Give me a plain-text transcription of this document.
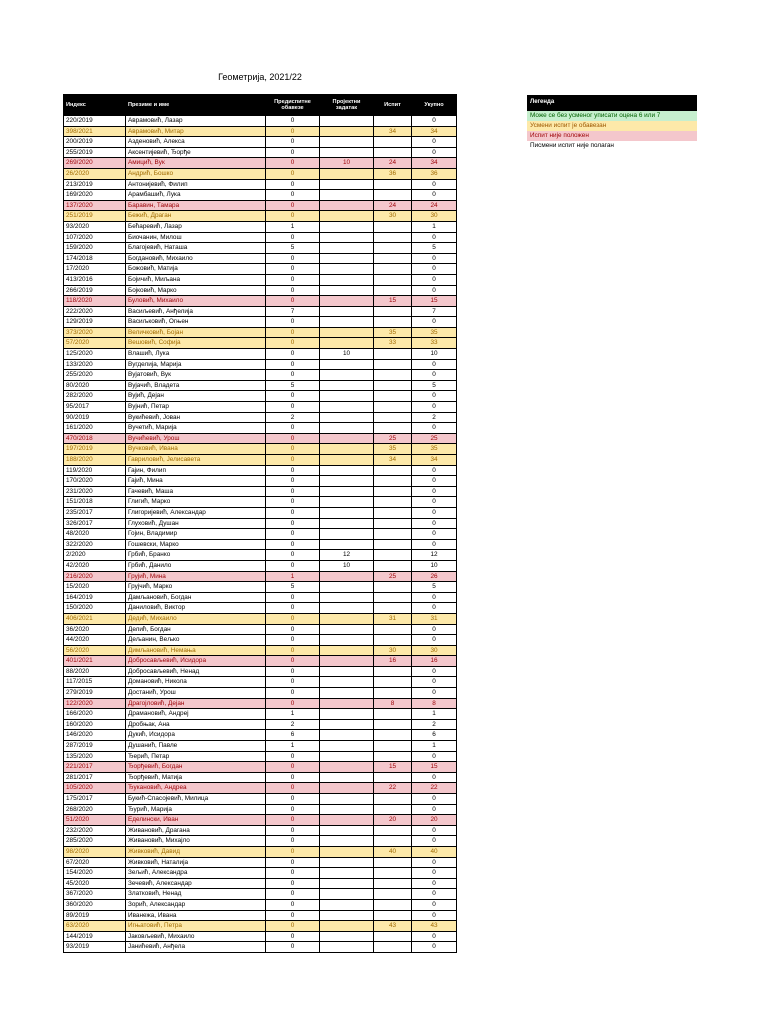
Геометрија, 2021/22
Индекс	Презиме и име	Предиспитне обавезе	Пројектни задатак	Испит	Укупно
220/2019	Аврамовић, Лазар	0			0
398/2021	Аврамовић, Митар	0		34	34
200/2019	Азденовић, Алекса	0			0
255/2019	Аксентијевић, Ђорђе	0			0
269/2020	Амицић, Вук	0	10	24	34
26/2020	Андрић, Бошко	0		36	36
213/2019	Антонијевић, Филип	0			0
169/2020	Арамбашић, Лука	0			0
137/2020	Баравин, Тамара	0		24	24
251/2019	Бежић, Драган	0		30	30
93/2020	Бећаревић, Лазар	1			1
107/2020	Биочанин, Милош	0			0
159/2020	Благојевић, Наташа	5			5
174/2018	Богдановић, Михаило	0			0
17/2020	Божовић, Матија	0			0
413/2016	Бојичић, Миљана	0			0
266/2019	Бојковић, Марко	0			0
118/2020	Буловић, Михаило	0		15	15
222/2020	Васиљевић, Анђелија	7			7
129/2019	Васиљковић, Огњен	0			0
373/2020	Величковић, Бојан	0		35	35
57/2020	Вешовић, Софија	0		33	33
125/2020	Влашић, Лука	0	10		10
133/2020	Вугделија, Марија	0			0
255/2020	Вујатовић, Вук	0			0
80/2020	Вујачић, Владета	5			5
282/2020	Вујић, Дејан	0			0
95/2017	Вујнић, Петар	0			0
90/2019	Вукићевић, Јован	2			2
161/2020	Вучетић, Марија	0			0
470/2018	Вучићевић, Урош	0		25	25
197/2019	Вучковић, Ивана	0		35	35
188/2020	Гавриловић, Јелисавета	0		34	34
119/2020	Гајин, Филип	0			0
170/2020	Гајић, Мина	0			0
231/2020	Гачевић, Маша	0			0
151/2018	Глигић, Марко	0			0
235/2017	Глигоријевић, Александар	0			0
326/2017	Глуховић, Душан	0			0
48/2020	Гојин, Владимир	0			0
322/2020	Гошевски, Марко	0			0
2/2020	Грбић, Бранко	0	12		12
42/2020	Грбић, Данило	0	10		10
216/2020	Грујић, Мина	1		25	26
15/2020	Грујчић, Марко	5			5
164/2019	Дамљановић, Богдан	0			0
150/2020	Даниловић, Виктор	0			0
406/2021	Дедић, Михаило	0		31	31
36/2020	Делић, Богдан	0			0
44/2020	Дељанин, Вељко	0			0
56/2020	Димљановић, Немања	0		30	30
401/2021	Добросављевић, Исидора	0		16	16
88/2020	Добросављевић, Ненад	0			0
117/2015	Домановић, Никола	0			0
279/2019	Достанић, Урош	0			0
122/2020	Драгојловић, Дејан	0		8	8
166/2020	Драмановић, Андреј	1			1
160/2020	Дробњак, Ана	2			2
146/2020	Дукић, Исидора	6			6
287/2019	Душанић, Павле	1			1
135/2020	Ђерић, Петар	0			0
221/2017	Ђорђевић, Богдан	0		15	15
281/2017	Ђорђевић, Матија	0			0
105/2020	Ђукановић, Андреа	0		22	22
175/2017	Букић-Спасојевић, Милица	0			0
268/2020	Ђурић, Марија	0			0
51/2020	Еделински, Иван	0		20	20
232/2020	Живановић, Драгана	0			0
285/2020	Живановић, Михајло	0			0
98/2020	Живковић, Давид	0		40	40
67/2020	Живковић, Наталија	0			0
154/2020	Зељић, Александра	0			0
45/2020	Зечевић, Александар	0			0
367/2020	Златковић, Ненад	0			0
360/2020	Зорић, Александар	0			0
89/2019	Иванежа, Ивана	0			0
63/2020	Игњатовић, Петра	0		43	43
144/2019	Јаковљевић, Михаило	0			0
93/2019	Јанићевић, Анђела	0			0
Легенда
Може се без усменог уписати оцена 6 или 7
Усмени испит је обавезан
Испит није положен
Писмени испит није полаган
